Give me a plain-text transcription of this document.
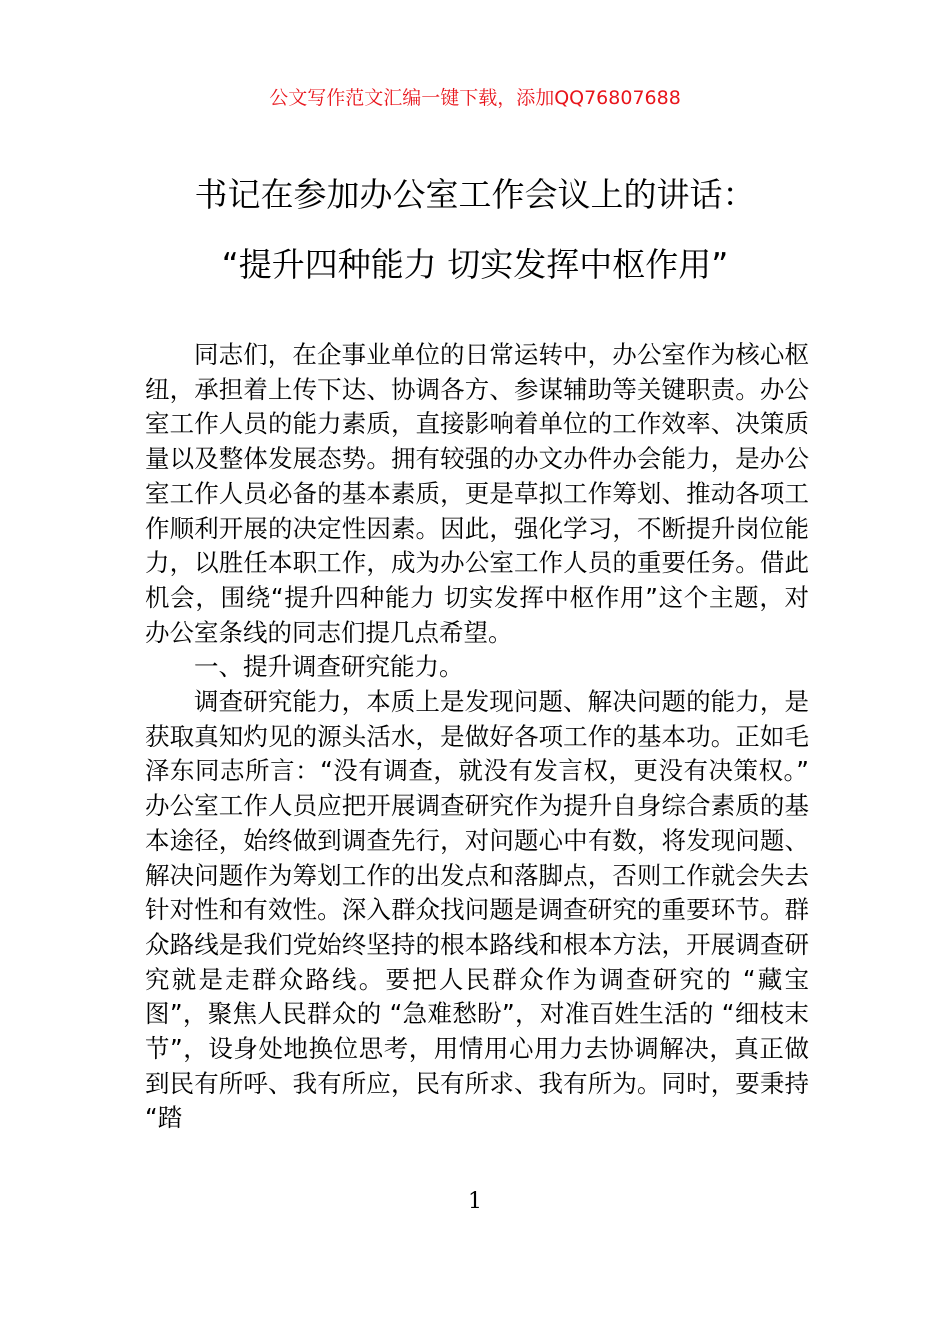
公文写作范文汇编一键下载，添加QQ76807688
书记在参加办公室工作会议上的讲话：
“提升四种能力 切实发挥中枢作用”

同志们，在企事业单位的日常运转中，办公室作为核心枢纽，承担着上传下达、协调各方、参谋辅助等关键职责。办公室工作人员的能力素质，直接影响着单位的工作效率、决策质量以及整体发展态势。拥有较强的办文办件办会能力，是办公室工作人员必备的基本素质，更是草拟工作筹划、推动各项工作顺利开展的决定性因素。因此，强化学习，不断提升岗位能力，以胜任本职工作，成为办公室工作人员的重要任务。借此机会，围绕“提升四种能力 切实发挥中枢作用”这个主题，对办公室条线的同志们提几点希望。

一、提升调查研究能力。

调查研究能力，本质上是发现问题、解决问题的能力，是获取真知灼见的源头活水，是做好各项工作的基本功。正如毛泽东同志所言：“没有调查，就没有发言权，更没有决策权。” 办公室工作人员应把开展调查研究作为提升自身综合素质的基本途径，始终做到调查先行，对问题心中有数，将发现问题、解决问题作为筹划工作的出发点和落脚点，否则工作就会失去针对性和有效性。深入群众找问题是调查研究的重要环节。群众路线是我们党始终坚持的根本路线和根本方法，开展调查研究就是走群众路线。要把人民群众作为调查研究的 “藏宝图”，聚焦人民群众的 “急难愁盼”，对准百姓生活的 “细枝末节”，设身处地换位思考，用情用心用力去协调解决，真正做到民有所呼、我有所应，民有所求、我有所为。同时，要秉持 “踏

1
